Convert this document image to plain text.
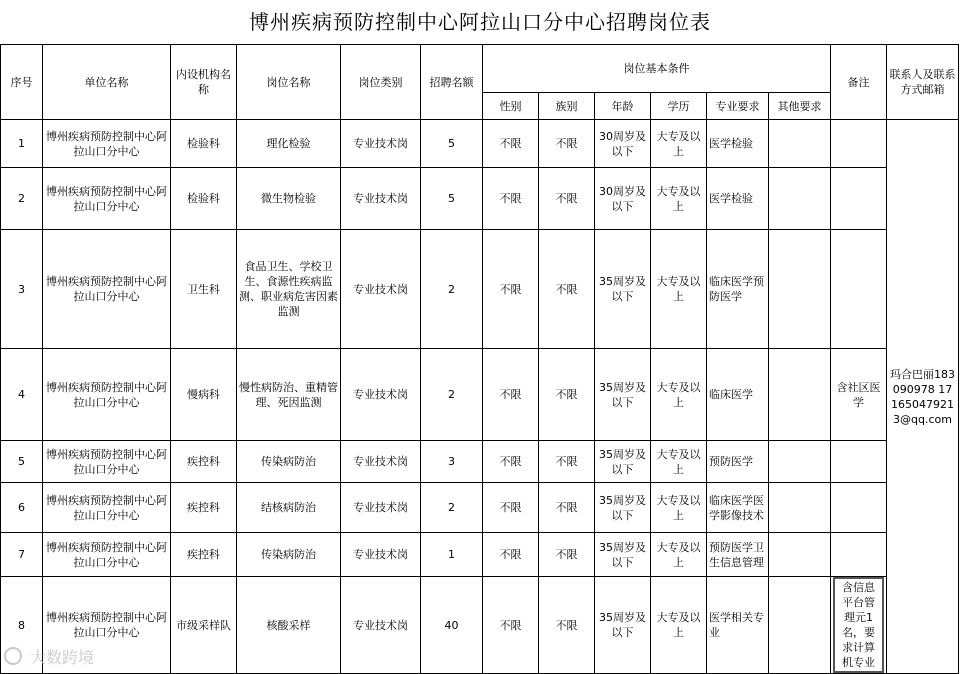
博州疾病预防控制中心阿拉山口分中心招聘岗位表
序号	单位名称	内设机构名称	岗位名称	岗位类别	招聘名额	岗位基本条件						备注	联系人及联系方式邮箱
						性别	族别	年龄	学历	专业要求	其他要求		
1	博州疾病预防控制中心阿拉山口分中心	检验科	理化检验	专业技术岗	5	不限	不限	30周岁及以下	大专及以上	医学检验			玛合巴丽183090978 17 1650479213@qq.com
2	博州疾病预防控制中心阿拉山口分中心	检验科	微生物检验	专业技术岗	5	不限	不限	30周岁及以下	大专及以上	医学检验			
3	博州疾病预防控制中心阿拉山口分中心	卫生科	食品卫生、学校卫生、食源性疾病监测、职业病危害因素监测	专业技术岗	2	不限	不限	35周岁及以下	大专及以上	临床医学预防医学			
4	博州疾病预防控制中心阿拉山口分中心	慢病科	慢性病防治、重精管理、死因监测	专业技术岗	2	不限	不限	35周岁及以下	大专及以上	临床医学		含社区医学	
5	博州疾病预防控制中心阿拉山口分中心	疾控科	传染病防治	专业技术岗	3	不限	不限	35周岁及以下	大专及以上	预防医学			
6	博州疾病预防控制中心阿拉山口分中心	疾控科	结核病防治	专业技术岗	2	不限	不限	35周岁及以下	大专及以上	临床医学医学影像技术			
7	博州疾病预防控制中心阿拉山口分中心	疾控科	传染病防治	专业技术岗	1	不限	不限	35周岁及以下	大专及以上	预防医学卫生信息管理			
8	博州疾病预防控制中心阿拉山口分中心	市级采样队	核酸采样	专业技术岗	40	不限	不限	35周岁及以下	大专及以上	医学相关专业		含信息平台管理元1名，要求计算机专业	
大数跨境
